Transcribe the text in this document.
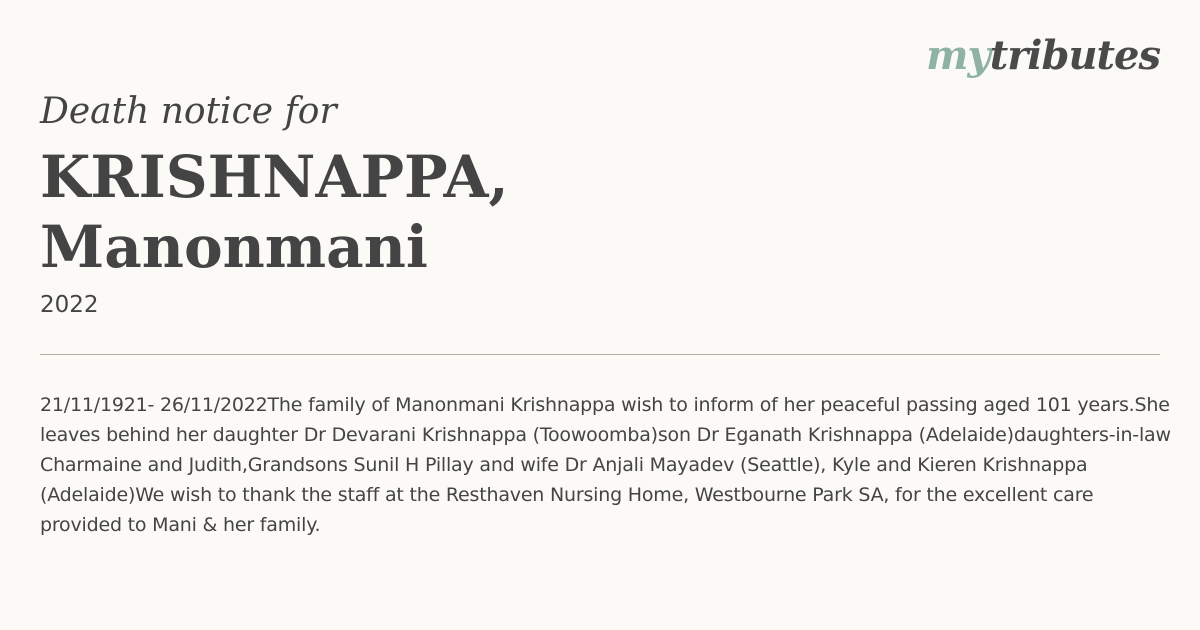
mytributes
Death notice for
KRISHNAPPA,
Manonmani
2022
21/11/1921- 26/11/2022The family of Manonmani Krishnappa wish to inform of her peaceful passing aged 101 years.She leaves behind her daughter Dr Devarani Krishnappa (Toowoomba)son Dr Eganath Krishnappa (Adelaide)daughters-in-law Charmaine and Judith,Grandsons Sunil H Pillay and wife Dr Anjali Mayadev (Seattle), Kyle and Kieren Krishnappa (Adelaide)We wish to thank the staff at the Resthaven Nursing Home, Westbourne Park SA, for the excellent care provided to Mani & her family.
